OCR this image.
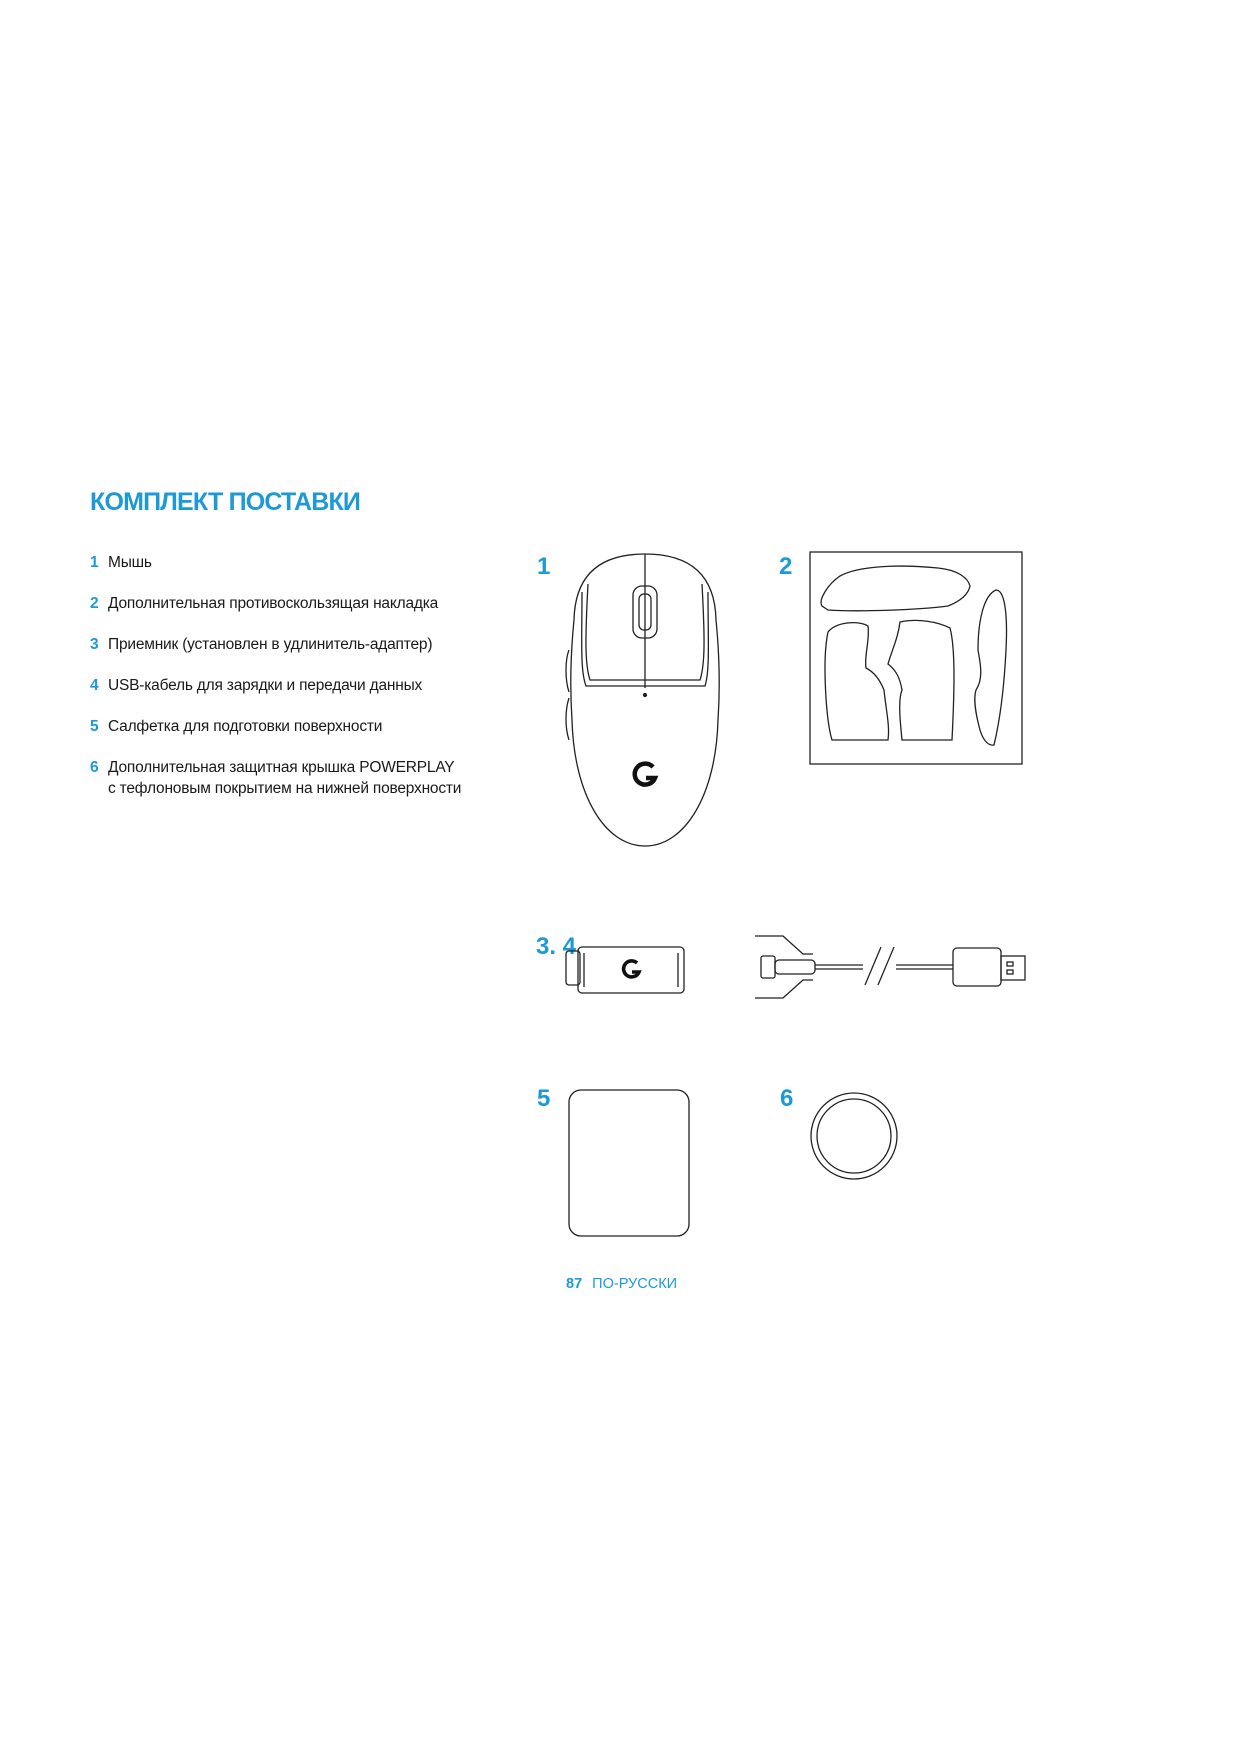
КОМПЛЕКТ ПОСТАВКИ
1 Мышь
2 Дополнительная противоскользящая накладка
3 Приемник (установлен в удлинитель-адаптер)
4 USB-кабель для зарядки и передачи данных
5 Салфетка для подготовки поверхности
6 Дополнительная защитная крышка POWERPLAY
с тефлоновым покрытием на нижней поверхности
1	2
3. 4
5	6
87 ПО-РУССКИ
